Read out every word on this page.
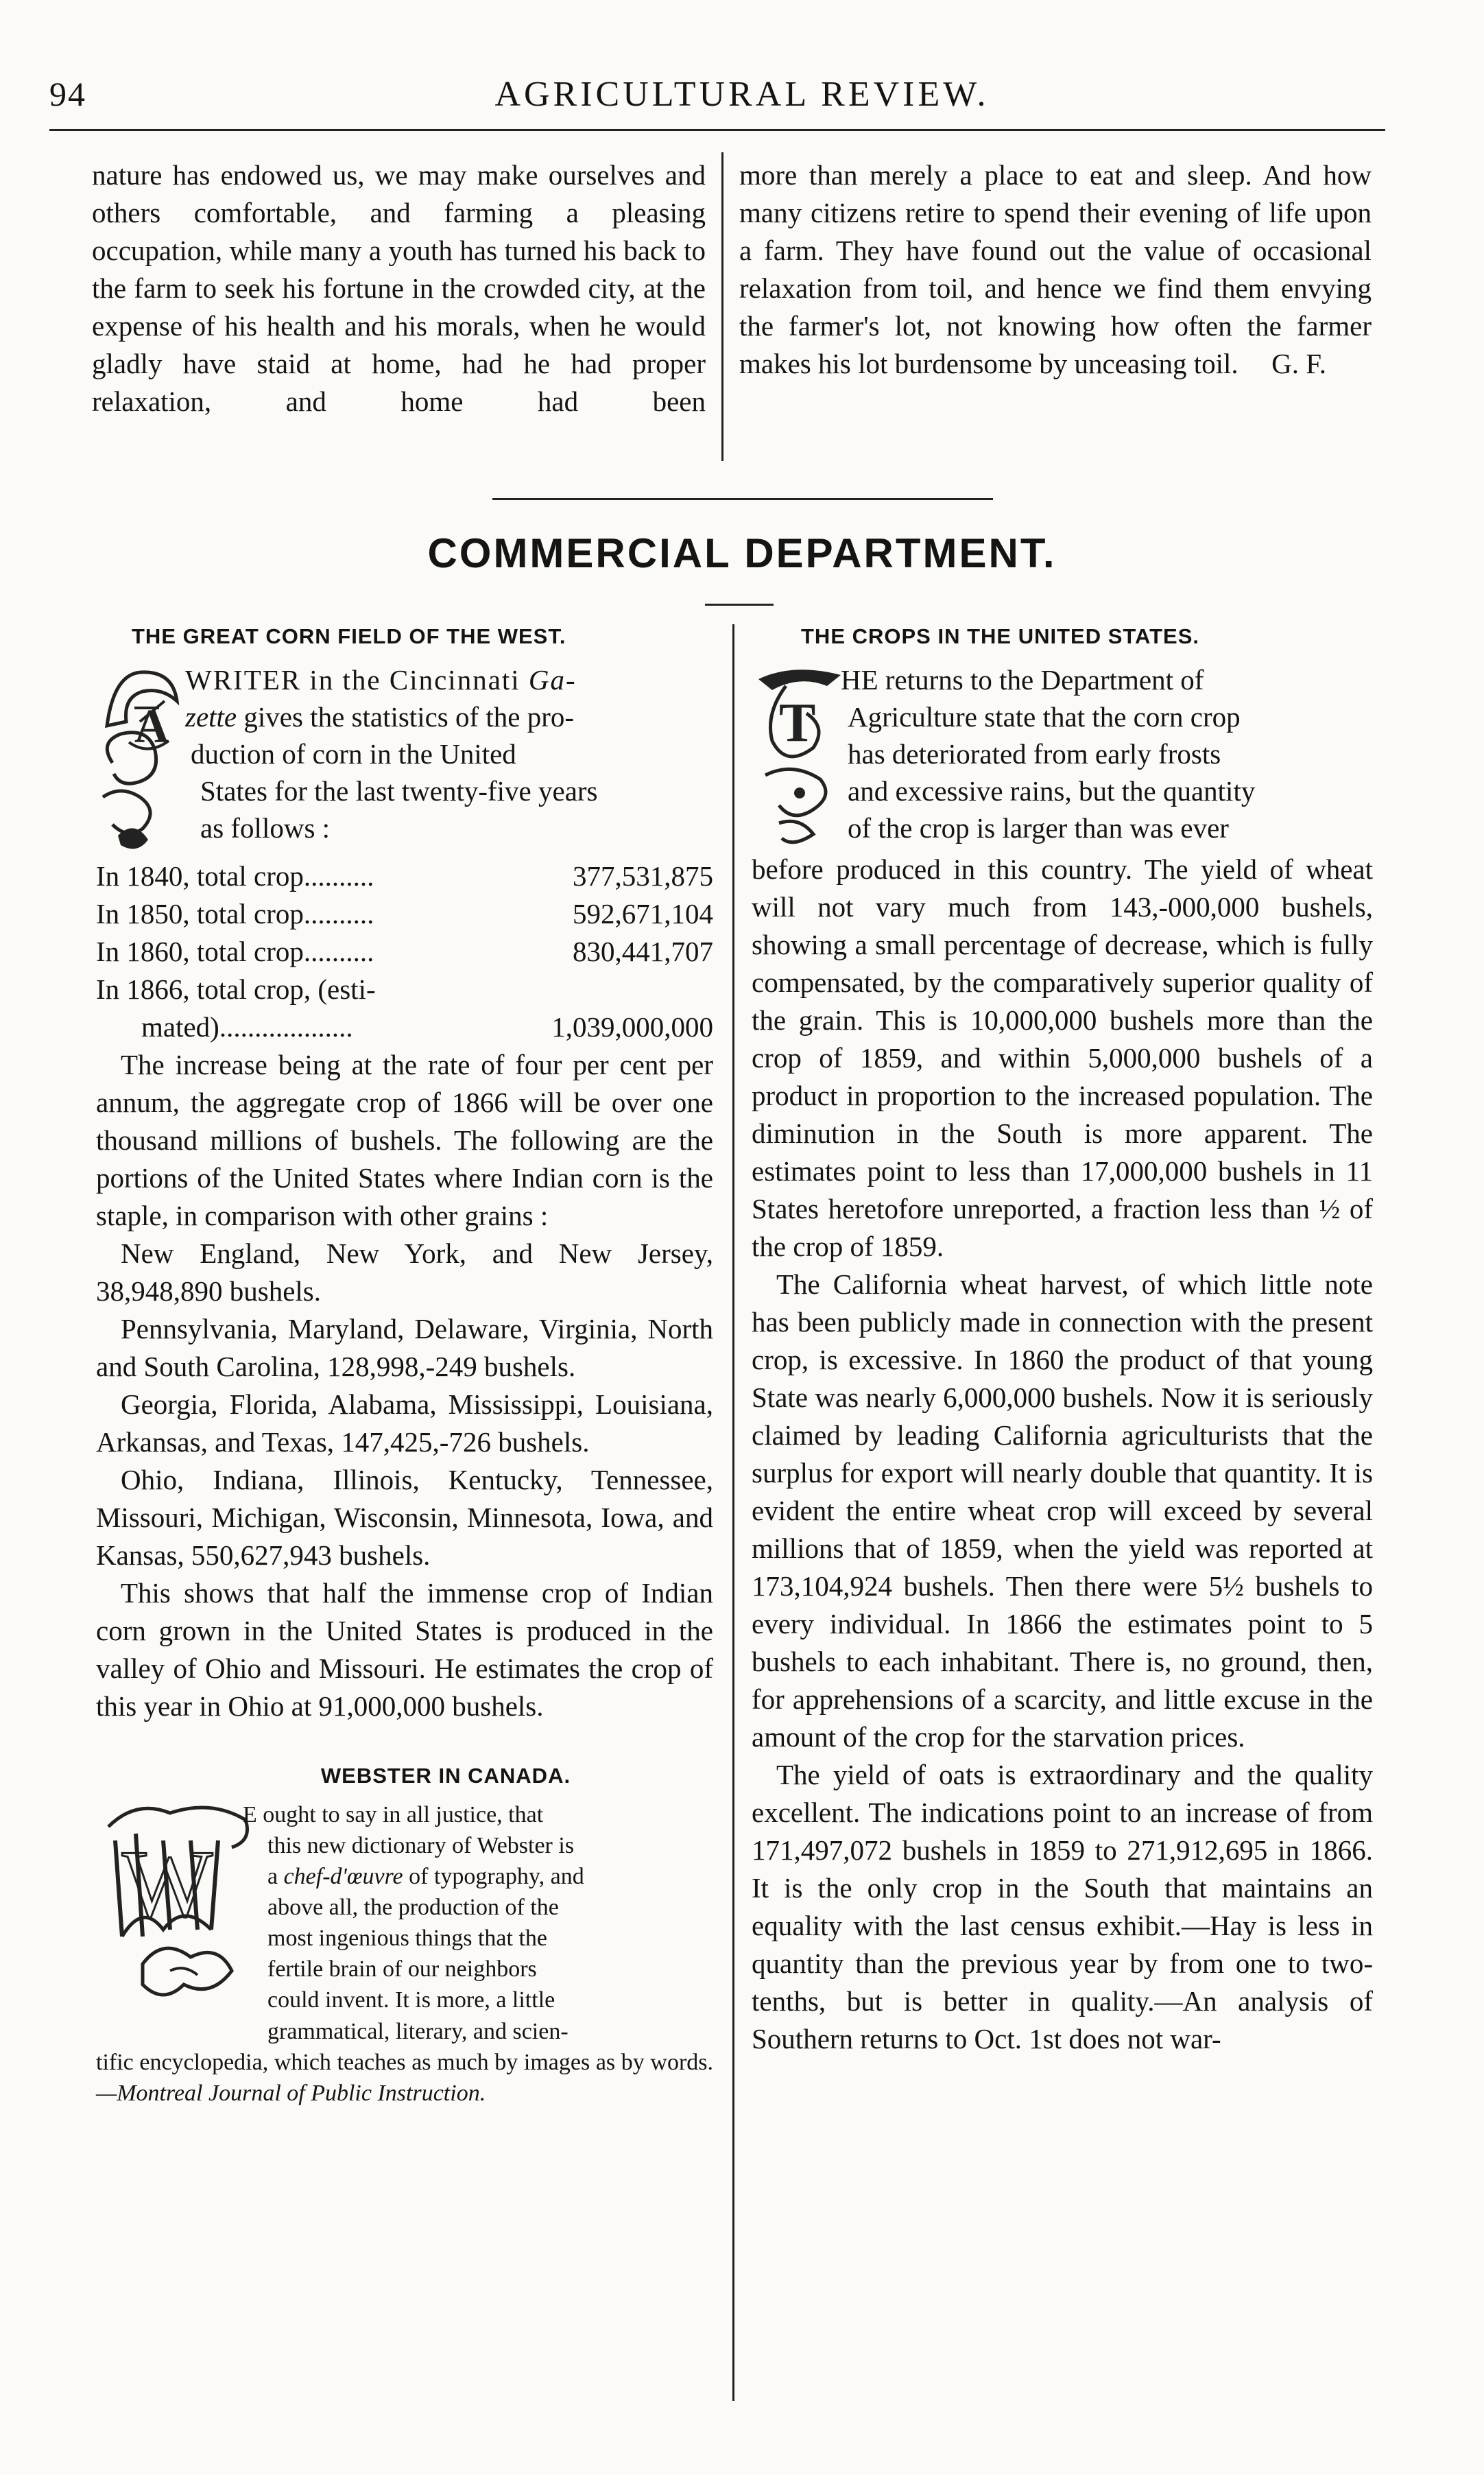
94	AGRICULTURAL REVIEW.

nature has endowed us, we may make ourselves and others comfortable, and farming a pleasing occupation, while many a youth has turned his back to the farm to seek his fortune in the crowded city, at the expense of his health and his morals, when he would gladly have staid at home, had he had proper relaxation, and home had been

more than merely a place to eat and sleep. And how many citizens retire to spend their evening of life upon a farm. They have found out the value of occasional relaxation from toil, and hence we find them envying the farmer's lot, not knowing how often the farmer makes his lot burdensome by unceasing toil. G. F.

COMMERCIAL DEPARTMENT.
THE GREAT CORN FIELD OF THE WEST.
A
WRITER in the Cincinnati Ga-
zette gives the statistics of the pro-
duction of corn in the United
States for the last twenty-five years
as follows :
In 1840, total crop..........	377,531,875
In 1850, total crop..........	592,671,104
In 1860, total crop..........	830,441,707
In 1866, total crop, (esti-
mated)...................	1,039,000,000

The increase being at the rate of four per cent per annum, the aggregate crop of 1866 will be over one thousand millions of bushels. The following are the portions of the United States where Indian corn is the staple, in comparison with other grains :

New England, New York, and New Jersey, 38,948,890 bushels.

Pennsylvania, Maryland, Delaware, Virginia, North and South Carolina, 128,998,-249 bushels.

Georgia, Florida, Alabama, Mississippi, Louisiana, Arkansas, and Texas, 147,425,-726 bushels.

Ohio, Indiana, Illinois, Kentucky, Tennessee, Missouri, Michigan, Wisconsin, Minnesota, Iowa, and Kansas, 550,627,943 bushels.

This shows that half the immense crop of Indian corn grown in the United States is produced in the valley of Ohio and Missouri. He estimates the crop of this year in Ohio at 91,000,000 bushels.

WEBSTER IN CANADA.
W
E ought to say in all justice, that
this new dictionary of Webster is
a chef-d'œuvre of typography, and
above all, the production of the
most ingenious things that the
fertile brain of our neighbors
could invent. It is more, a little
grammatical, literary, and scien-
tific encyclopedia, which teaches as much by images as by words.—Montreal Journal of Public Instruction.
THE CROPS IN THE UNITED STATES.
T
HE returns to the Department of
Agriculture state that the corn crop
has deteriorated from early frosts
and excessive rains, but the quantity
of the crop is larger than was ever

before produced in this country. The yield of wheat will not vary much from 143,-000,000 bushels, showing a small percentage of decrease, which is fully compensated, by the comparatively superior quality of the grain. This is 10,000,000 bushels more than the crop of 1859, and within 5,000,000 bushels of a product in proportion to the increased population. The diminution in the South is more apparent. The estimates point to less than 17,000,000 bushels in 11 States heretofore unreported, a fraction less than ½ of the crop of 1859.

The California wheat harvest, of which little note has been publicly made in connection with the present crop, is excessive. In 1860 the product of that young State was nearly 6,000,000 bushels. Now it is seriously claimed by leading California agriculturists that the surplus for export will nearly double that quantity. It is evident the entire wheat crop will exceed by several millions that of 1859, when the yield was reported at 173,104,924 bushels. Then there were 5½ bushels to every individual. In 1866 the estimates point to 5 bushels to each inhabitant. There is, no ground, then, for apprehensions of a scarcity, and little excuse in the amount of the crop for the starvation prices.

The yield of oats is extraordinary and the quality excellent. The indications point to an increase of from 171,497,072 bushels in 1859 to 271,912,695 in 1866. It is the only crop in the South that maintains an equality with the last census exhibit.—Hay is less in quantity than the previous year by from one to two-tenths, but is better in quality.—An analysis of Southern returns to Oct. 1st does not war-
